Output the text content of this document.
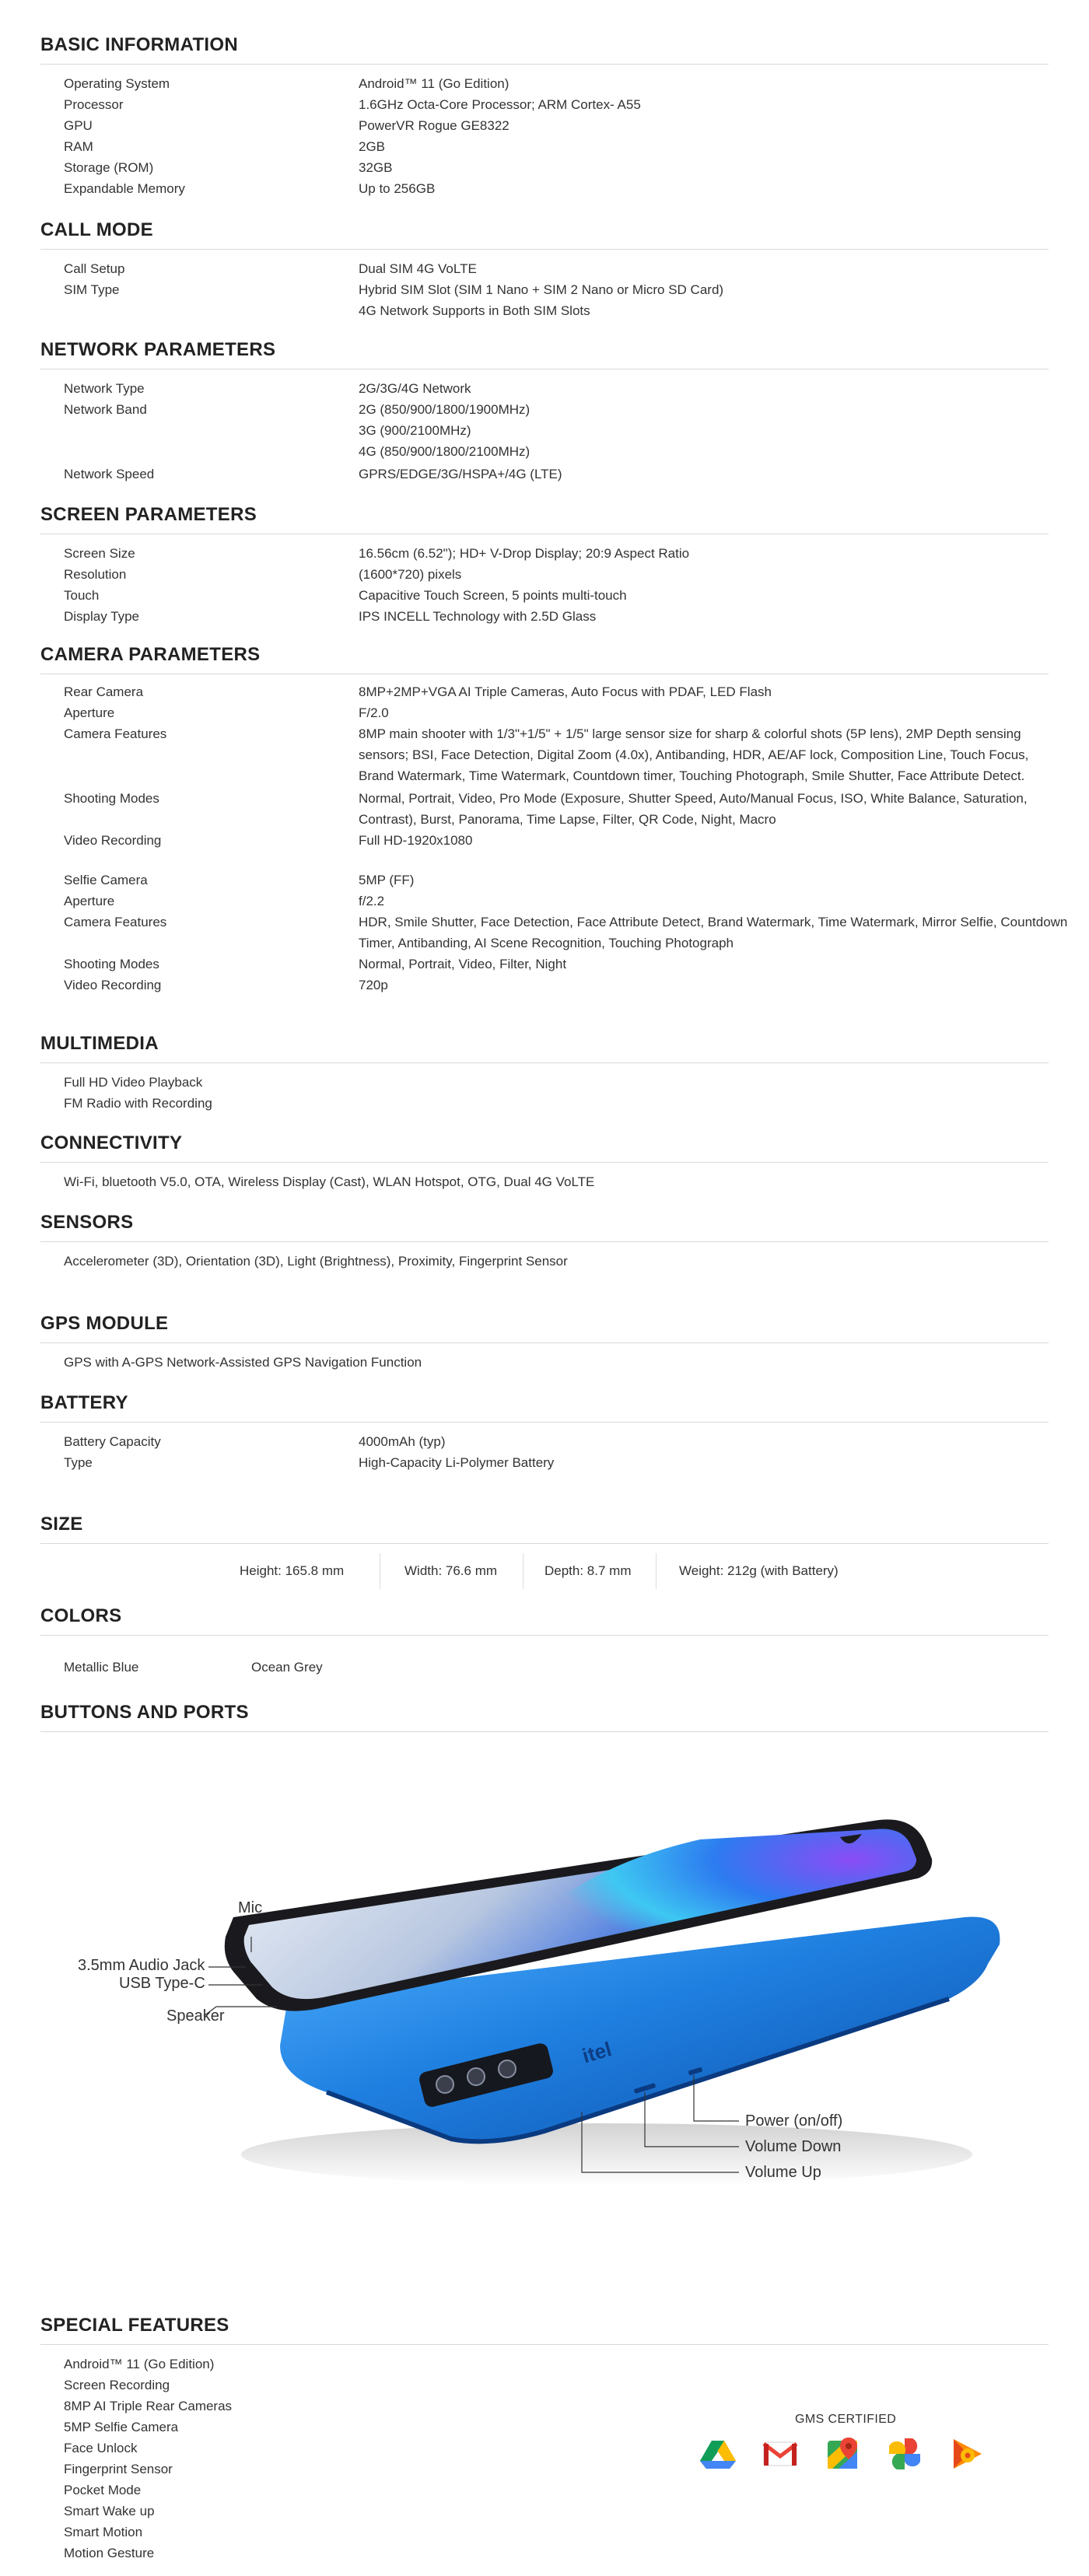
BASIC INFORMATION
Operating System	Android™ 11 (Go Edition)
Processor	1.6GHz Octa-Core Processor; ARM Cortex- A55
GPU	PowerVR Rogue GE8322
RAM	2GB
Storage (ROM)	32GB
Expandable Memory	Up to 256GB
CALL MODE
Call Setup	Dual SIM 4G VoLTE
SIM Type	Hybrid SIM Slot (SIM 1 Nano + SIM 2 Nano or Micro SD Card)
4G Network Supports in Both SIM Slots
NETWORK PARAMETERS
Network Type	2G/3G/4G Network
Network Band	2G (850/900/1800/1900MHz)
3G (900/2100MHz)
4G (850/900/1800/2100MHz)
Network Speed	GPRS/EDGE/3G/HSPA+/4G (LTE)
SCREEN PARAMETERS
Screen Size	16.56cm (6.52"); HD+ V-Drop Display; 20:9 Aspect Ratio
Resolution	(1600*720) pixels
Touch	Capacitive Touch Screen, 5 points multi-touch
Display Type	IPS INCELL Technology with 2.5D Glass
CAMERA PARAMETERS
Rear Camera	8MP+2MP+VGA AI Triple Cameras, Auto Focus with PDAF, LED Flash
Aperture	F/2.0
Camera Features	8MP main shooter with 1/3"+1/5" + 1/5" large sensor size for sharp & colorful shots (5P lens), 2MP Depth sensing
sensors; BSI, Face Detection, Digital Zoom (4.0x), Antibanding, HDR, AE/AF lock, Composition Line, Touch Focus,
Brand Watermark, Time Watermark, Countdown timer, Touching Photograph, Smile Shutter, Face Attribute Detect.
Shooting Modes	Normal, Portrait, Video, Pro Mode (Exposure, Shutter Speed, Auto/Manual Focus, ISO, White Balance, Saturation,
Contrast), Burst, Panorama, Time Lapse, Filter, QR Code, Night, Macro
Video Recording	Full HD-1920x1080
Selfie Camera	5MP (FF)
Aperture	f/2.2
Camera Features	HDR, Smile Shutter, Face Detection, Face Attribute Detect, Brand Watermark, Time Watermark, Mirror Selfie, Countdown
Timer, Antibanding, AI Scene Recognition, Touching Photograph
Shooting Modes	Normal, Portrait, Video, Filter, Night
Video Recording	720p
MULTIMEDIA
Full HD Video Playback
FM Radio with Recording
CONNECTIVITY
Wi-Fi, bluetooth V5.0, OTA, Wireless Display (Cast), WLAN Hotspot, OTG, Dual 4G VoLTE
SENSORS
Accelerometer (3D), Orientation (3D), Light (Brightness), Proximity, Fingerprint Sensor
GPS MODULE
GPS with A-GPS Network-Assisted GPS Navigation Function
BATTERY
Battery Capacity	4000mAh (typ)
Type	High-Capacity Li-Polymer Battery
SIZE
Height: 165.8 mm	Width: 76.6 mm	Depth: 8.7 mm	Weight: 212g (with Battery)
COLORS
Metallic Blue	Ocean Grey
BUTTONS AND PORTS
itel
Mic
3.5mm Audio Jack
USB Type-C
Speaker
Power (on/off)
Volume Down
Volume Up
SPECIAL FEATURES
Android™ 11 (Go Edition)
Screen Recording
8MP AI Triple Rear Cameras
5MP Selfie Camera
Face Unlock
Fingerprint Sensor
Pocket Mode
Smart Wake up
Smart Motion
Motion Gesture
GMS CERTIFIED
